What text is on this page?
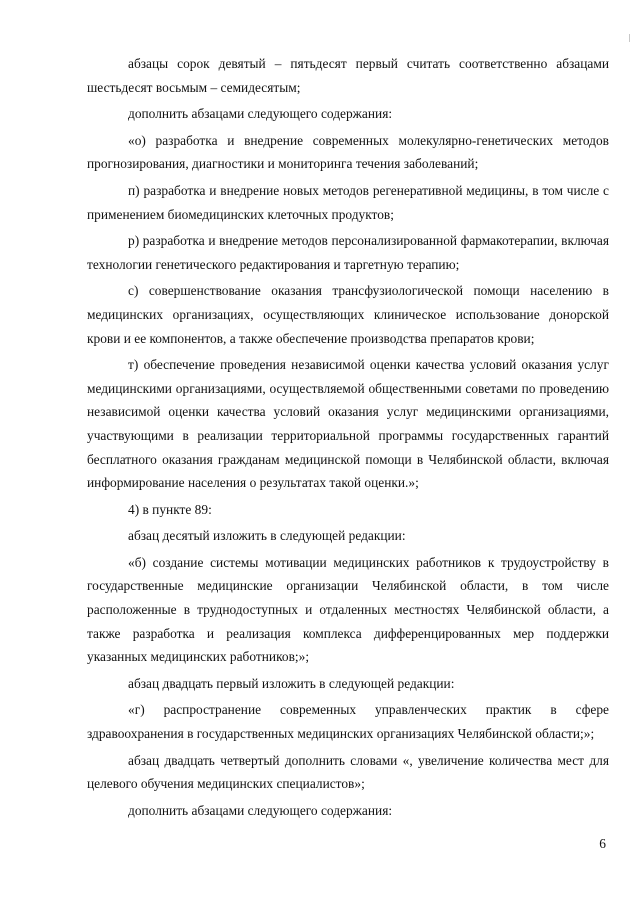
абзацы сорок девятый – пятьдесят первый считать соответственно абзацами шестьдесят восьмым – семидесятым;

дополнить абзацами следующего содержания:

«о) разработка и внедрение современных молекулярно-генетических методов прогнозирования, диагностики и мониторинга течения заболеваний;

п) разработка и внедрение новых методов регенеративной медицины, в том числе с применением биомедицинских клеточных продуктов;

р) разработка и внедрение методов персонализированной фармакотерапии, включая технологии генетического редактирования и таргетную терапию;

с) совершенствование оказания трансфузиологической помощи населению в медицинских организациях, осуществляющих клиническое использование донорской крови и ее компонентов, а также обеспечение производства препаратов крови;

т) обеспечение проведения независимой оценки качества условий оказания услуг медицинскими организациями, осуществляемой общественными советами по проведению независимой оценки качества условий оказания услуг медицинскими организациями, участвующими в реализации территориальной программы государственных гарантий бесплатного оказания гражданам медицинской помощи в Челябинской области, включая информирование населения о результатах такой оценки.»;

4) в пункте 89:

абзац десятый изложить в следующей редакции:

«б) создание системы мотивации медицинских работников к трудоустройству в государственные медицинские организации Челябинской области, в том числе расположенные в труднодоступных и отдаленных местностях Челябинской области, а также разработка и реализация комплекса дифференцированных мер поддержки указанных медицинских работников;»;

абзац двадцать первый изложить в следующей редакции:

«г) распространение современных управленческих практик в сфере здравоохранения в государственных медицинских организациях Челябинской области;»;

абзац двадцать четвертый дополнить словами «, увеличение количества мест для целевого обучения медицинских специалистов»;

дополнить абзацами следующего содержания:

6
